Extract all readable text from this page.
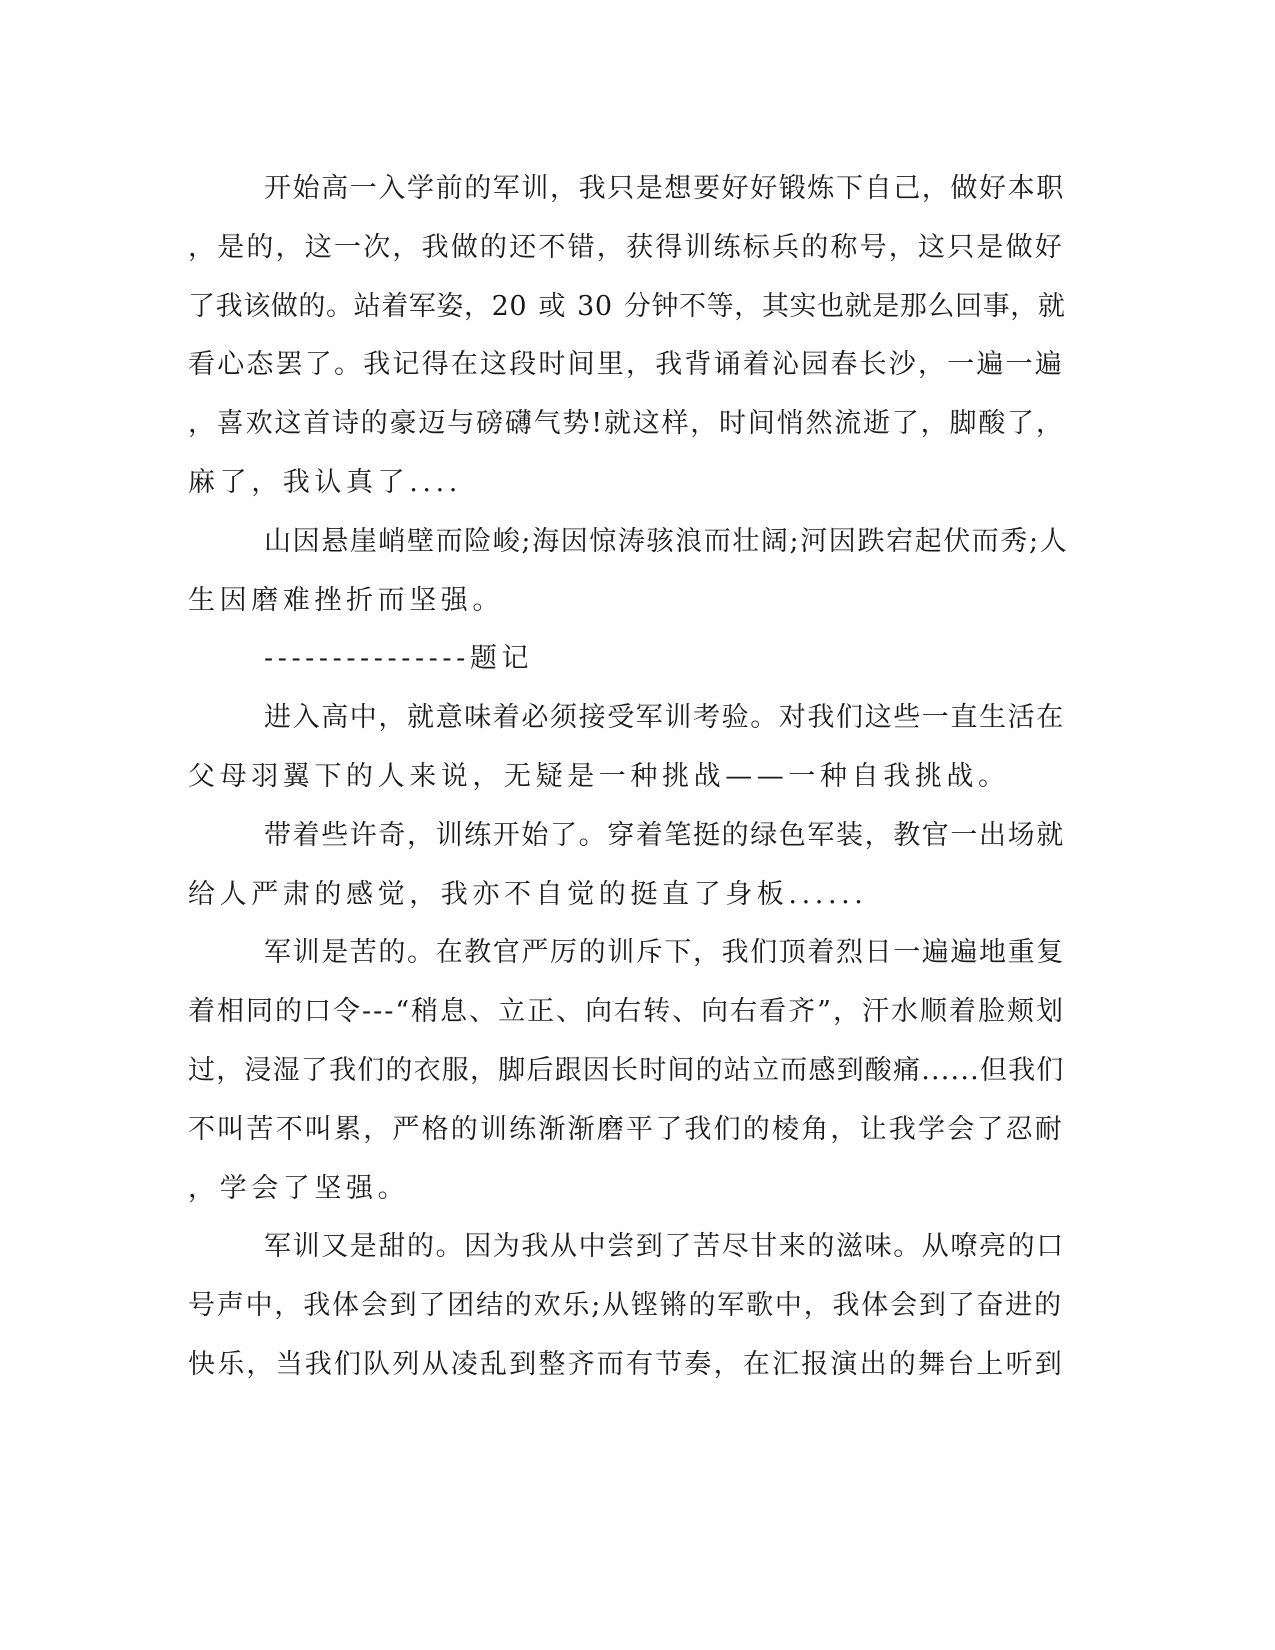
开始高一入学前的军训，我只是想要好好锻炼下自己，做好本职
，是的，这一次，我做的还不错，获得训练标兵的称号，这只是做好
了我该做的。站着军姿，20 或 30 分钟不等，其实也就是那么回事，就
看心态罢了。我记得在这段时间里，我背诵着沁园春长沙，一遍一遍
，喜欢这首诗的豪迈与磅礴气势!就这样，时间悄然流逝了，脚酸了，
麻了，我认真了....
山因悬崖峭壁而险峻;海因惊涛骇浪而壮阔;河因跌宕起伏而秀;人
生因磨难挫折而坚强。
---------------题记
进入高中，就意味着必须接受军训考验。对我们这些一直生活在
父母羽翼下的人来说，无疑是一种挑战——一种自我挑战。
带着些许奇，训练开始了。穿着笔挺的绿色军装，教官一出场就
给人严肃的感觉，我亦不自觉的挺直了身板......
军训是苦的。在教官严厉的训斥下，我们顶着烈日一遍遍地重复
着相同的口令---“稍息、立正、向右转、向右看齐”，汗水顺着脸颊划
过，浸湿了我们的衣服，脚后跟因长时间的站立而感到酸痛......但我们
不叫苦不叫累，严格的训练渐渐磨平了我们的棱角，让我学会了忍耐
，学会了坚强。
军训又是甜的。因为我从中尝到了苦尽甘来的滋味。从嘹亮的口
号声中，我体会到了团结的欢乐;从铿锵的军歌中，我体会到了奋进的
快乐，当我们队列从凌乱到整齐而有节奏，在汇报演出的舞台上听到
